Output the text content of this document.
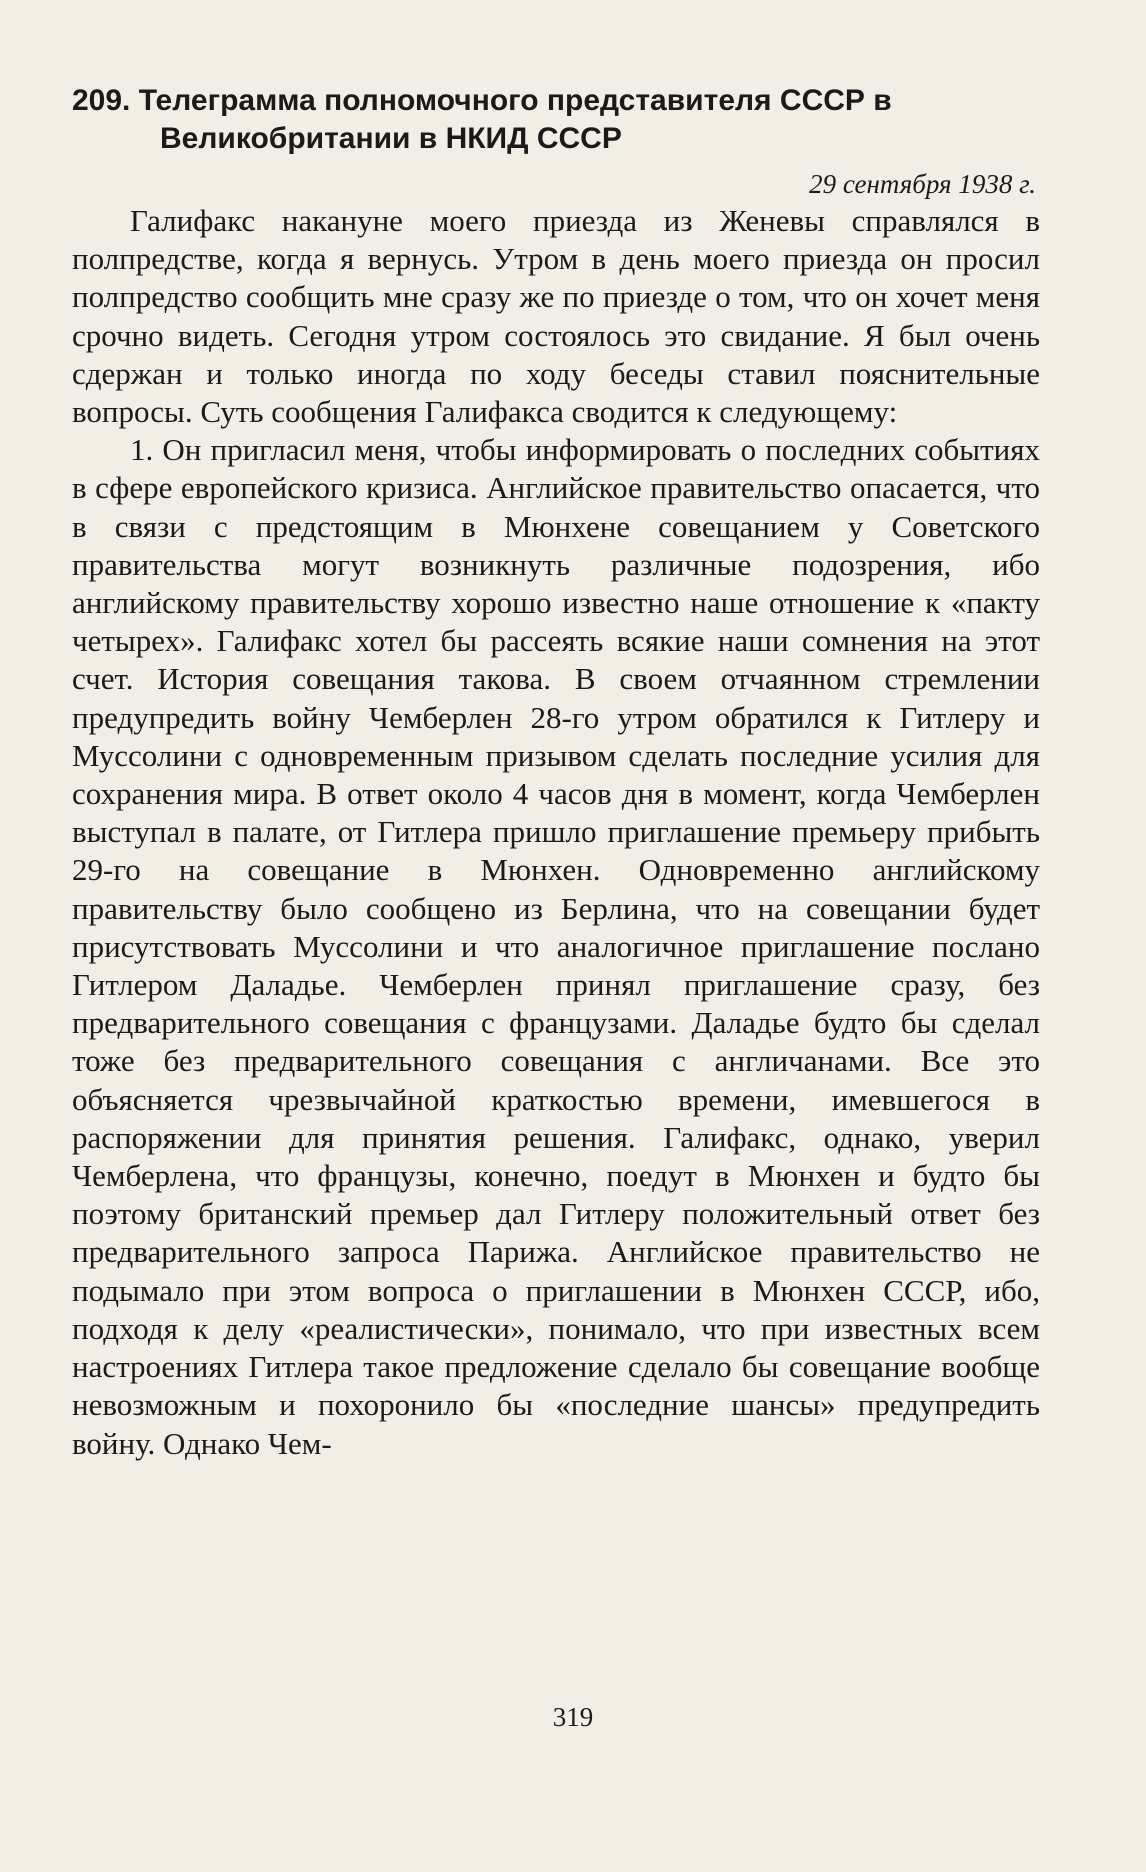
209. Телеграмма полномочного представителя СССР в
Великобритании в НКИД СССР
29 сентября 1938 г.

Галифакс накануне моего приезда из Женевы справлялся в полпредстве, когда я вернусь. Утром в день моего приезда он просил полпредство сообщить мне сразу же по приезде о том, что он хочет меня срочно видеть. Сегодня утром состоялось это свидание. Я был очень сдержан и только иногда по ходу беседы ставил пояснительные вопросы. Суть сообщения Галифакса сводится к следующему:

1. Он пригласил меня, чтобы информировать о последних событиях в сфере европейского кризиса. Английское правительство опасается, что в связи с предстоящим в Мюнхене совещанием у Советского правительства могут возникнуть различные подозрения, ибо английскому правительству хорошо известно наше отношение к «пакту четырех». Галифакс хотел бы рассеять всякие наши сомнения на этот счет. История совещания такова. В своем отчаянном стремлении предупредить войну Чемберлен 28-го утром обратился к Гитлеру и Муссолини с одновременным призывом сделать последние усилия для сохранения мира. В ответ около 4 часов дня в момент, когда Чемберлен выступал в палате, от Гитлера пришло приглашение премьеру прибыть 29-го на совещание в Мюнхен. Одновременно английскому правительству было сообщено из Берлина, что на совещании будет присутствовать Муссолини и что аналогичное приглашение послано Гитлером Даладье. Чемберлен принял приглашение сразу, без предварительного совещания с французами. Даладье будто бы сделал тоже без предварительного совещания с англичанами. Все это объясняется чрезвычайной краткостью времени, имевшегося в распоряжении для принятия решения. Галифакс, однако, уверил Чемберлена, что французы, конечно, поедут в Мюнхен и будто бы поэтому британский премьер дал Гитлеру положительный ответ без предварительного запроса Парижа. Английское правительство не подымало при этом вопроса о приглашении в Мюнхен СССР, ибо, подходя к делу «реалистически», понимало, что при известных всем настроениях Гитлера такое предложение сделало бы совещание вообще невозможным и похоронило бы «последние шансы» предупредить войну. Однако Чем-

319
